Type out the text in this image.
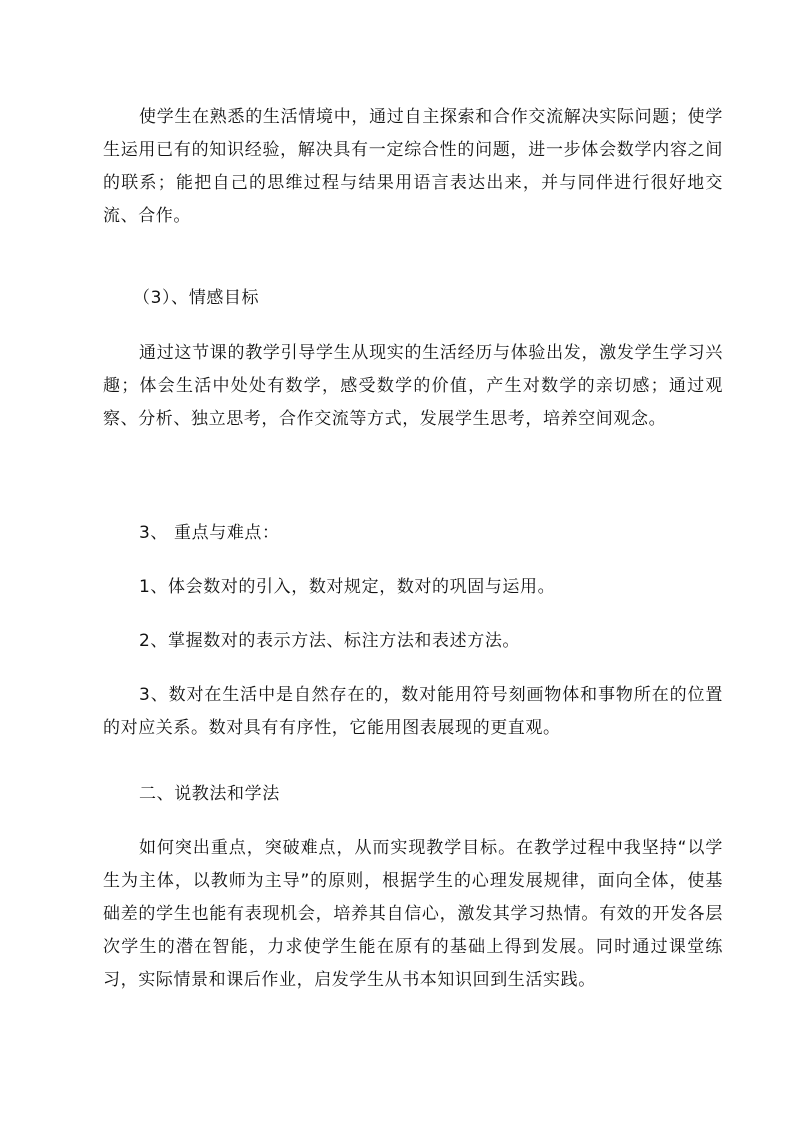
使学生在熟悉的生活情境中，通过自主探索和合作交流解决实际问题；使学生运用已有的知识经验，解决具有一定综合性的问题，进一步体会数学内容之间的联系；能把自己的思维过程与结果用语言表达出来，并与同伴进行很好地交流、合作。

（3）、情感目标

通过这节课的教学引导学生从现实的生活经历与体验出发，激发学生学习兴趣；体会生活中处处有数学，感受数学的价值，产生对数学的亲切感；通过观察、分析、独立思考，合作交流等方式，发展学生思考，培养空间观念。

3、 重点与难点：

1、体会数对的引入，数对规定，数对的巩固与运用。

2、掌握数对的表示方法、标注方法和表述方法。

3、数对在生活中是自然存在的，数对能用符号刻画物体和事物所在的位置的对应关系。数对具有有序性，它能用图表展现的更直观。

二、说教法和学法

如何突出重点，突破难点，从而实现教学目标。在教学过程中我坚持“以学生为主体，以教师为主导”的原则，根据学生的心理发展规律，面向全体，使基础差的学生也能有表现机会，培养其自信心，激发其学习热情。有效的开发各层次学生的潜在智能，力求使学生能在原有的基础上得到发展。同时通过课堂练习，实际情景和课后作业，启发学生从书本知识回到生活实践。
